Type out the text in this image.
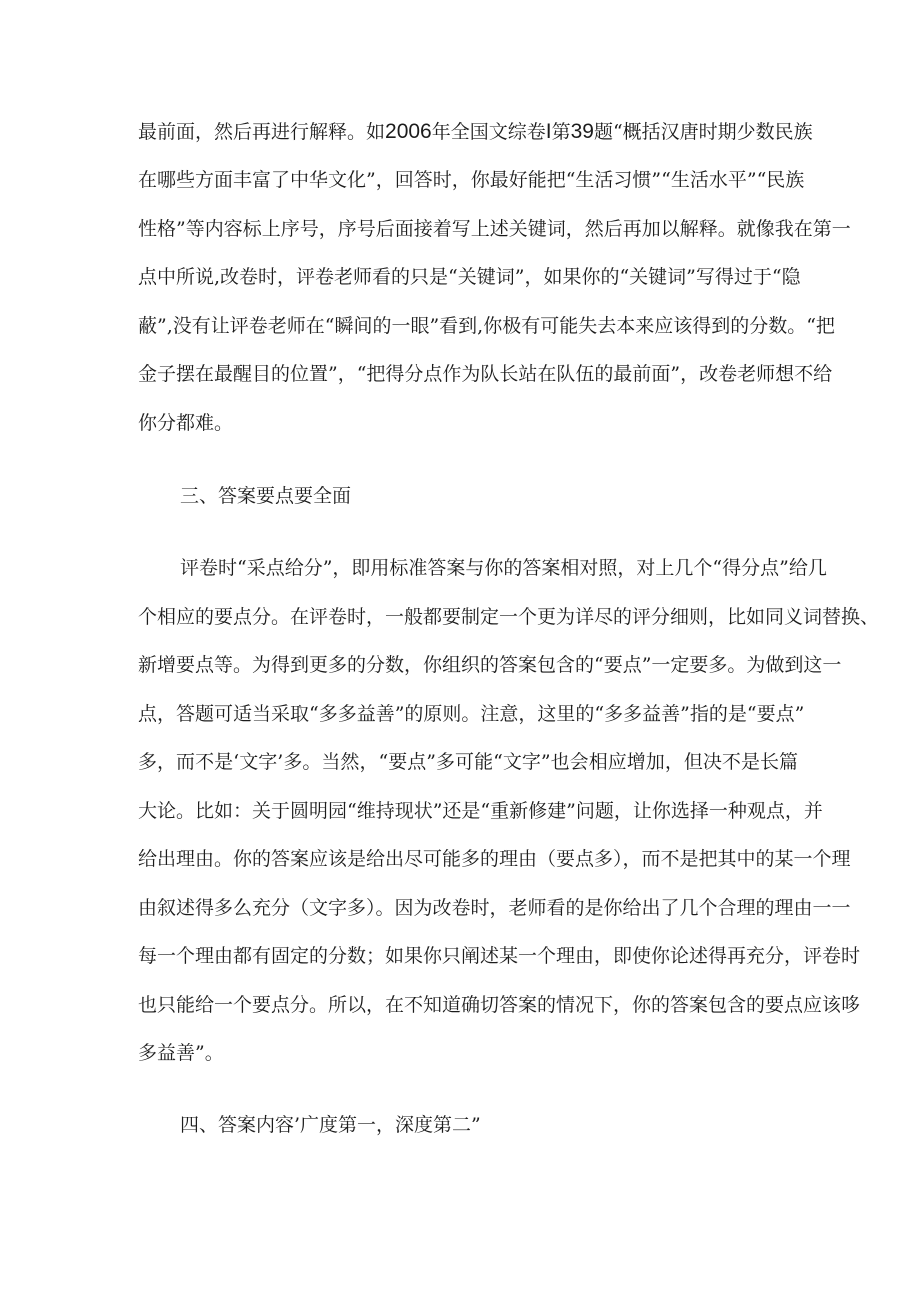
最前面，然后再进行解释。如2006年全国文综卷I第39题“概括汉唐时期少数民族
在哪些方面丰富了中华文化”，回答时，你最好能把“生活习惯”“生活水平”“民族
性格”等内容标上序号，序号后面接着写上述关键词，然后再加以解释。就像我在第一
点中所说,改卷时，评卷老师看的只是“关键词”，如果你的“关键词”写得过于“隐
蔽”,没有让评卷老师在“瞬间的一眼”看到,你极有可能失去本来应该得到的分数。“把
金子摆在最醒目的位置”，“把得分点作为队长站在队伍的最前面”，改卷老师想不给
你分都难。
三、答案要点要全面
评卷时“采点给分”，即用标准答案与你的答案相对照，对上几个“得分点”给几
个相应的要点分。在评卷时，一般都要制定一个更为详尽的评分细则，比如同义词替换、
新增要点等。为得到更多的分数，你组织的答案包含的“要点”一定要多。为做到这一
点，答题可适当采取“多多益善”的原则。注意，这里的“多多益善”指的是“要点”
多，而不是‘文字’多。当然，“要点”多可能“文字”也会相应增加，但决不是长篇
大论。比如：关于圆明园“维持现状”还是“重新修建”问题，让你选择一种观点，并
给出理由。你的答案应该是给出尽可能多的理由（要点多），而不是把其中的某一个理
由叙述得多么充分（文字多）。因为改卷时，老师看的是你给出了几个合理的理由一一
每一个理由都有固定的分数；如果你只阐述某一个理由，即使你论述得再充分，评卷时
也只能给一个要点分。所以，在不知道确切答案的情况下，你的答案包含的要点应该哆
多益善”。
四、答案内容’广度第一，深度第二”
